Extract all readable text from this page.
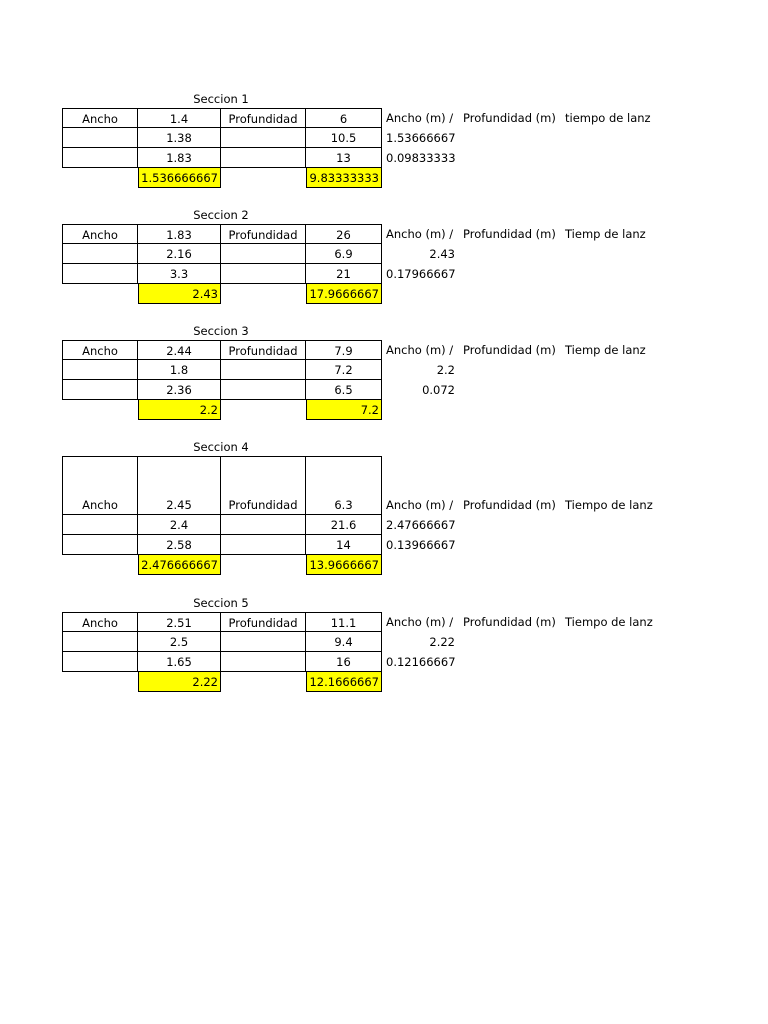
Seccion 1
Ancho	1.4	Profundidad	6
1.38	10.5
1.83	13
1.536666667	9.83333333
Ancho (m) / Profundidad (m) tiempo de lanz
1.53666667
0.09833333
Seccion 2
Ancho	1.83	Profundidad	26
2.16	6.9
3.3	21
2.43	17.9666667
Ancho (m) / Profundidad (m) Tiemp de lanz
2.43
0.17966667
Seccion 3
Ancho	2.44	Profundidad	7.9
1.8	7.2
2.36	6.5
2.2	7.2
Ancho (m) / Profundidad (m) Tiemp de lanz
2.2
0.072
Seccion 4
Ancho	2.45	Profundidad	6.3
2.4	21.6
2.58	14
2.476666667	13.9666667
Ancho (m) / Profundidad (m) Tiempo de lanz
2.47666667
0.13966667
Seccion 5
Ancho	2.51	Profundidad	11.1
2.5	9.4
1.65	16
2.22	12.1666667
Ancho (m) / Profundidad (m) Tiempo de lanz
2.22
0.12166667
